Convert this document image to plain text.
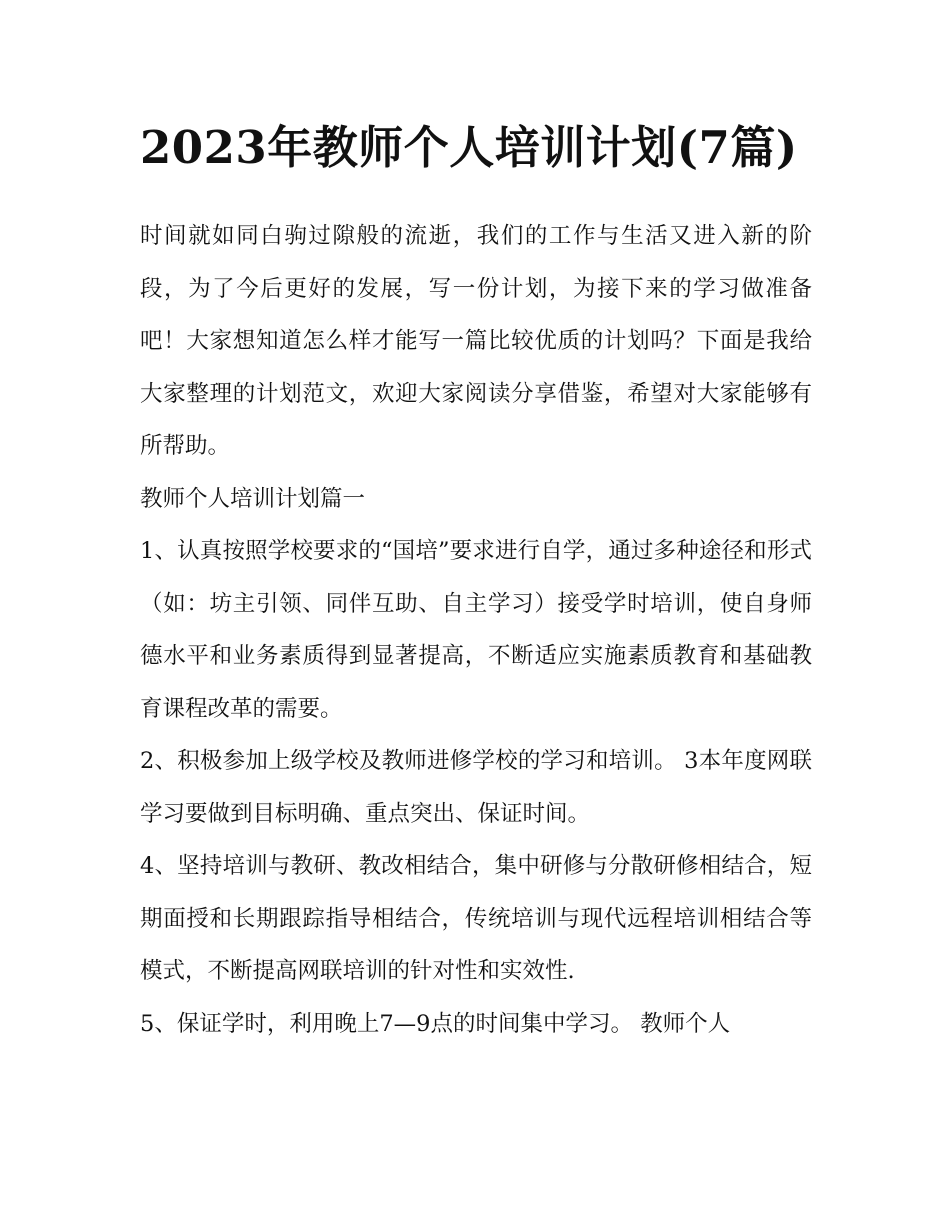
2023年教师个人培训计划(7篇)

时间就如同白驹过隙般的流逝，我们的工作与生活又进入新的阶段，为了今后更好的发展，写一份计划，为接下来的学习做准备吧！大家想知道怎么样才能写一篇比较优质的计划吗？下面是我给大家整理的计划范文，欢迎大家阅读分享借鉴，希望对大家能够有所帮助。

教师个人培训计划篇一

1、认真按照学校要求的“国培”要求进行自学，通过多种途径和形式（如：坊主引领、同伴互助、自主学习）接受学时培训，使自身师德水平和业务素质得到显著提高，不断适应实施素质教育和基础教育课程改革的需要。

2、积极参加上级学校及教师进修学校的学习和培训。 3本年度网联学习要做到目标明确、重点突出、保证时间。

4、坚持培训与教研、教改相结合，集中研修与分散研修相结合，短期面授和长期跟踪指导相结合，传统培训与现代远程培训相结合等模式，不断提高网联培训的针对性和实效性.

5、保证学时，利用晚上7—9点的时间集中学习。 教师个人
